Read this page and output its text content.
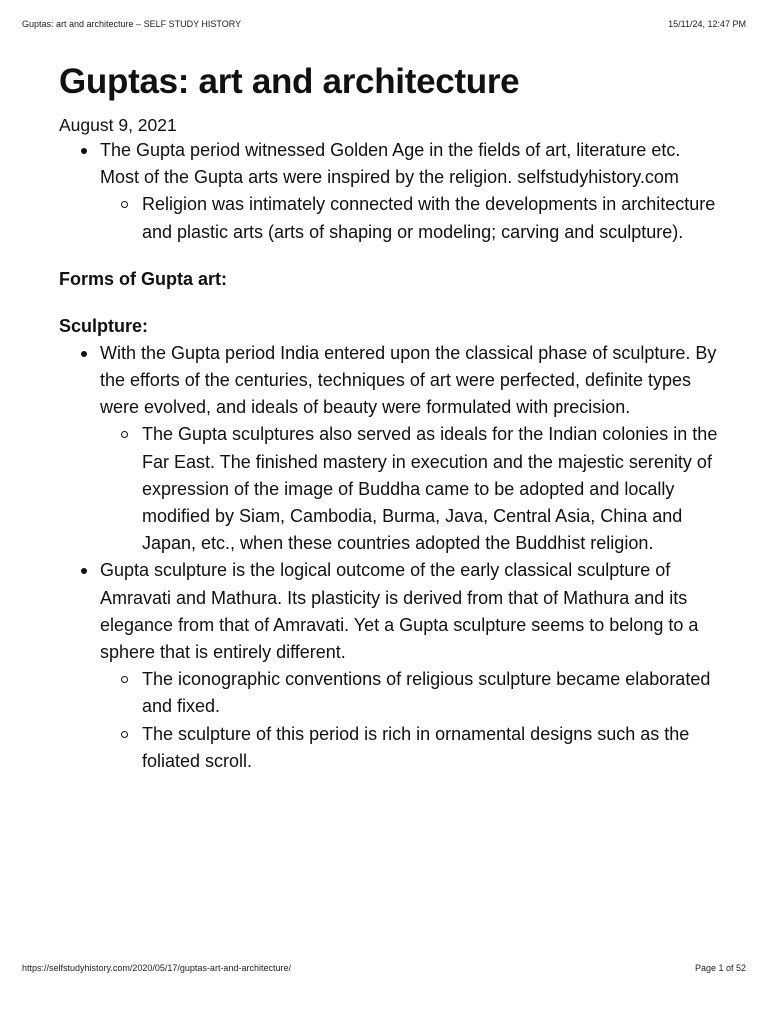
Guptas: art and architecture – SELF STUDY HISTORY	15/11/24, 12:47 PM
Guptas: art and architecture
August 9, 2021
The Gupta period witnessed Golden Age in the fields of art, literature etc. Most of the Gupta arts were inspired by the religion. selfstudyhistory.com
Religion was intimately connected with the developments in architecture and plastic arts (arts of shaping or modeling; carving and sculpture).
Forms of Gupta art:
Sculpture:
With the Gupta period India entered upon the classical phase of sculpture. By the efforts of the centuries, techniques of art were perfected, definite types were evolved, and ideals of beauty were formulated with precision.
The Gupta sculptures also served as ideals for the Indian colonies in the Far East. The finished mastery in execution and the majestic serenity of expression of the image of Buddha came to be adopted and locally modified by Siam, Cambodia, Burma, Java, Central Asia, China and Japan, etc., when these countries adopted the Buddhist religion.
Gupta sculpture is the logical outcome of the early classical sculpture of Amravati and Mathura. Its plasticity is derived from that of Mathura and its elegance from that of Amravati. Yet a Gupta sculpture seems to belong to a sphere that is entirely different.
The iconographic conventions of religious sculpture became elaborated and fixed.
The sculpture of this period is rich in ornamental designs such as the foliated scroll.
https://selfstudyhistory.com/2020/05/17/guptas-art-and-architecture/	Page 1 of 52
